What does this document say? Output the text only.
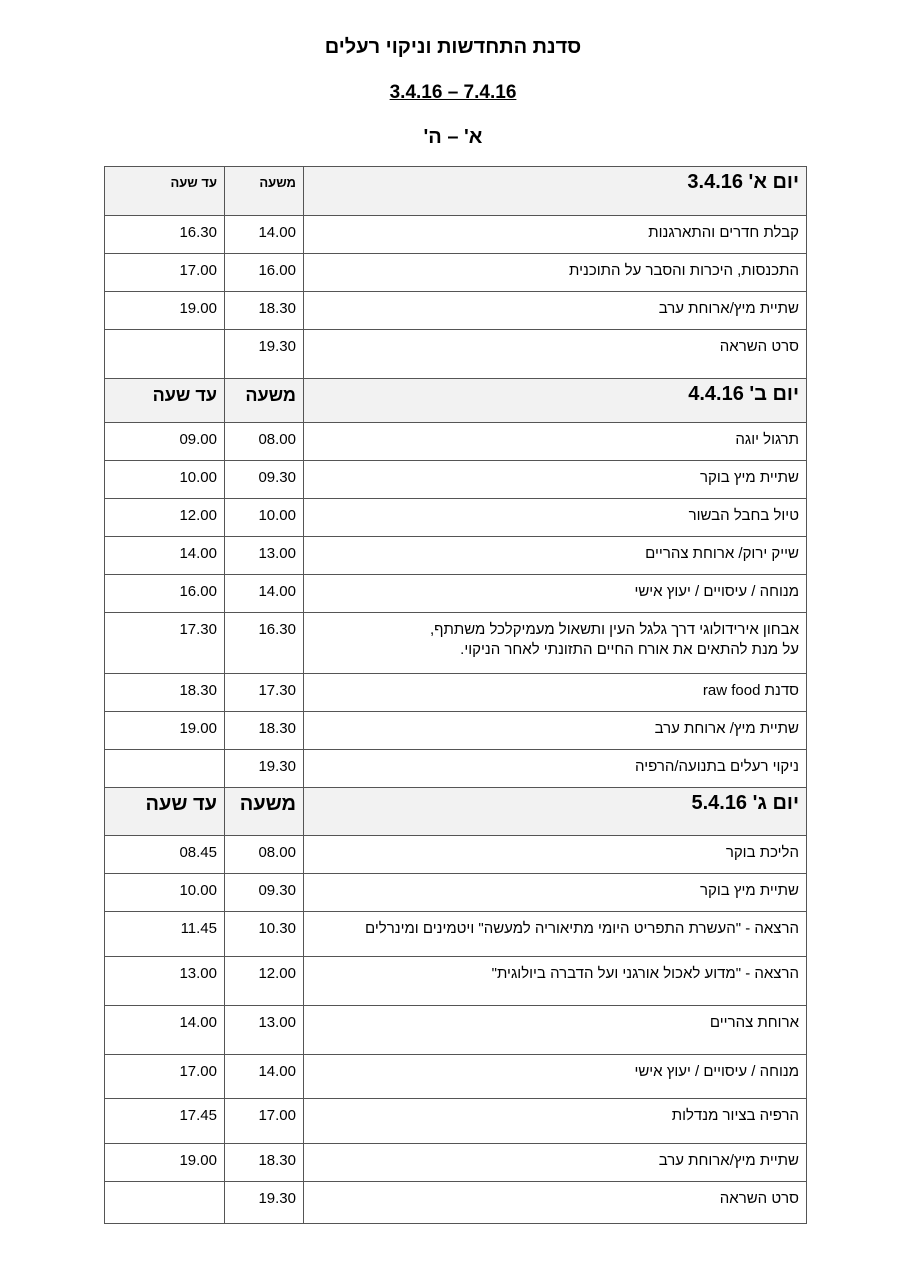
סדנת התחדשות וניקוי רעלים
3.4.16 – 7.4.16
א' – ה'
יום א' 3.4.16	משעה	עד שעה
קבלת חדרים והתארגנות	14.00	16.30
התכנסות, היכרות והסבר על התוכנית	16.00	17.00
שתיית מיץ/ארוחת ערב	18.30	19.00
סרט השראה	19.30	
יום ב' 4.4.16	משעה	עד שעה
תרגול יוגה	08.00	09.00
שתיית מיץ בוקר	09.30	10.00
טיול בחבל הבשור	10.00	12.00
שייק ירוק/ ארוחת צהריים	13.00	14.00
מנוחה / עיסויים / יעוץ אישי	14.00	16.00

אבחון אירידולוגי דרך גלגל העין ותשאול מעמיקלכל משתתף,
על מנת להתאים את אורח החיים התזונתי לאחר הניקוי.	16.30	17.30
סדנת raw food	17.30	18.30
שתיית מיץ/ ארוחת ערב	18.30	19.00
ניקוי רעלים בתנועה/הרפיה	19.30	
יום ג' 5.4.16	משעה	עד שעה
הליכת בוקר	08.00	08.45
שתיית מיץ בוקר	09.30	10.00
הרצאה - "העשרת התפריט היומי מתיאוריה למעשה" ויטמינים ומינרלים	10.30	11.45
הרצאה - "מדוע לאכול אורגני ועל הדברה ביולוגית"	12.00	13.00
ארוחת צהריים	13.00	14.00
מנוחה / עיסויים / יעוץ אישי	14.00	17.00
הרפיה בציור מנדלות	17.00	17.45
שתיית מיץ/ארוחת ערב	18.30	19.00
סרט השראה	19.30	
